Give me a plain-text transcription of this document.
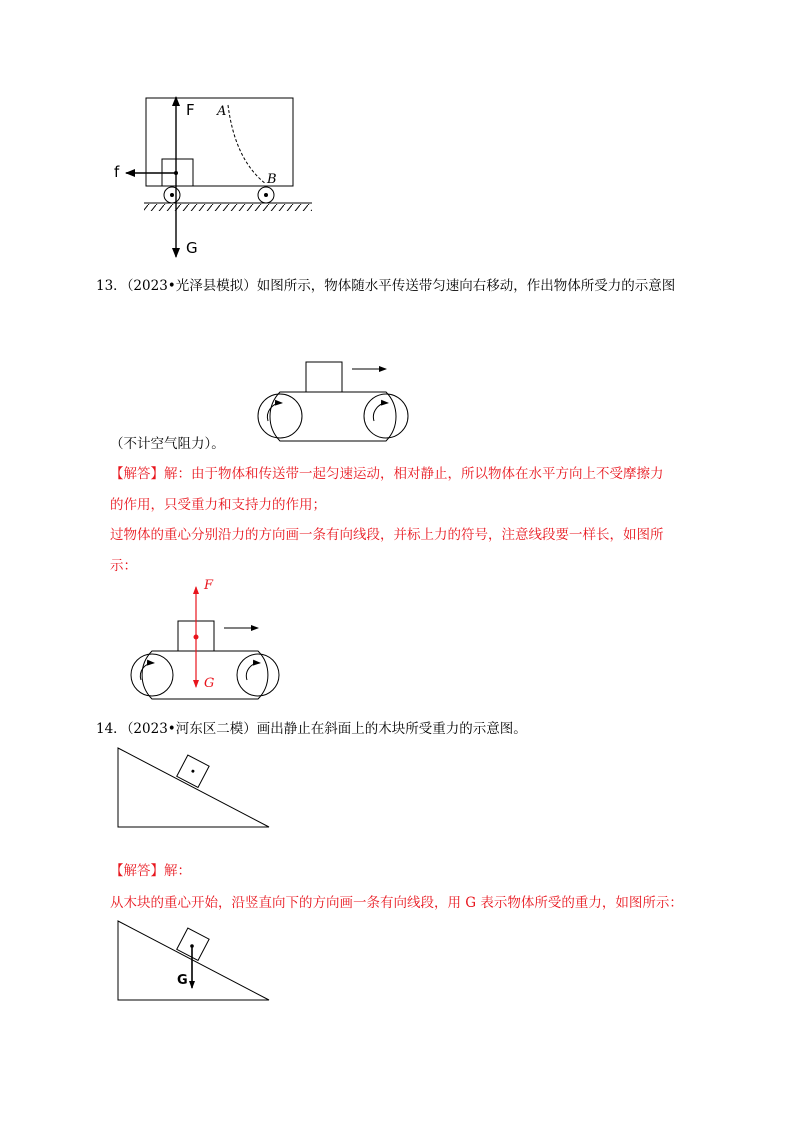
F
f
G
A
B
13．（2023•光泽县模拟）如图所示，物体随水平传送带匀速向右移动，作出物体所受力的示意图
（不计空气阻力）。
【解答】解：由于物体和传送带一起匀速运动，相对静止，所以物体在水平方向上不受摩擦力
的作用，只受重力和支持力的作用；
过物体的重心分别沿力的方向画一条有向线段，并标上力的符号，注意线段要一样长，如图所
示：
F
G
14．（2023•河东区二模）画出静止在斜面上的木块所受重力的示意图。
【解答】解：
从木块的重心开始，沿竖直向下的方向画一条有向线段，用 G 表示物体所受的重力，如图所示：
G
